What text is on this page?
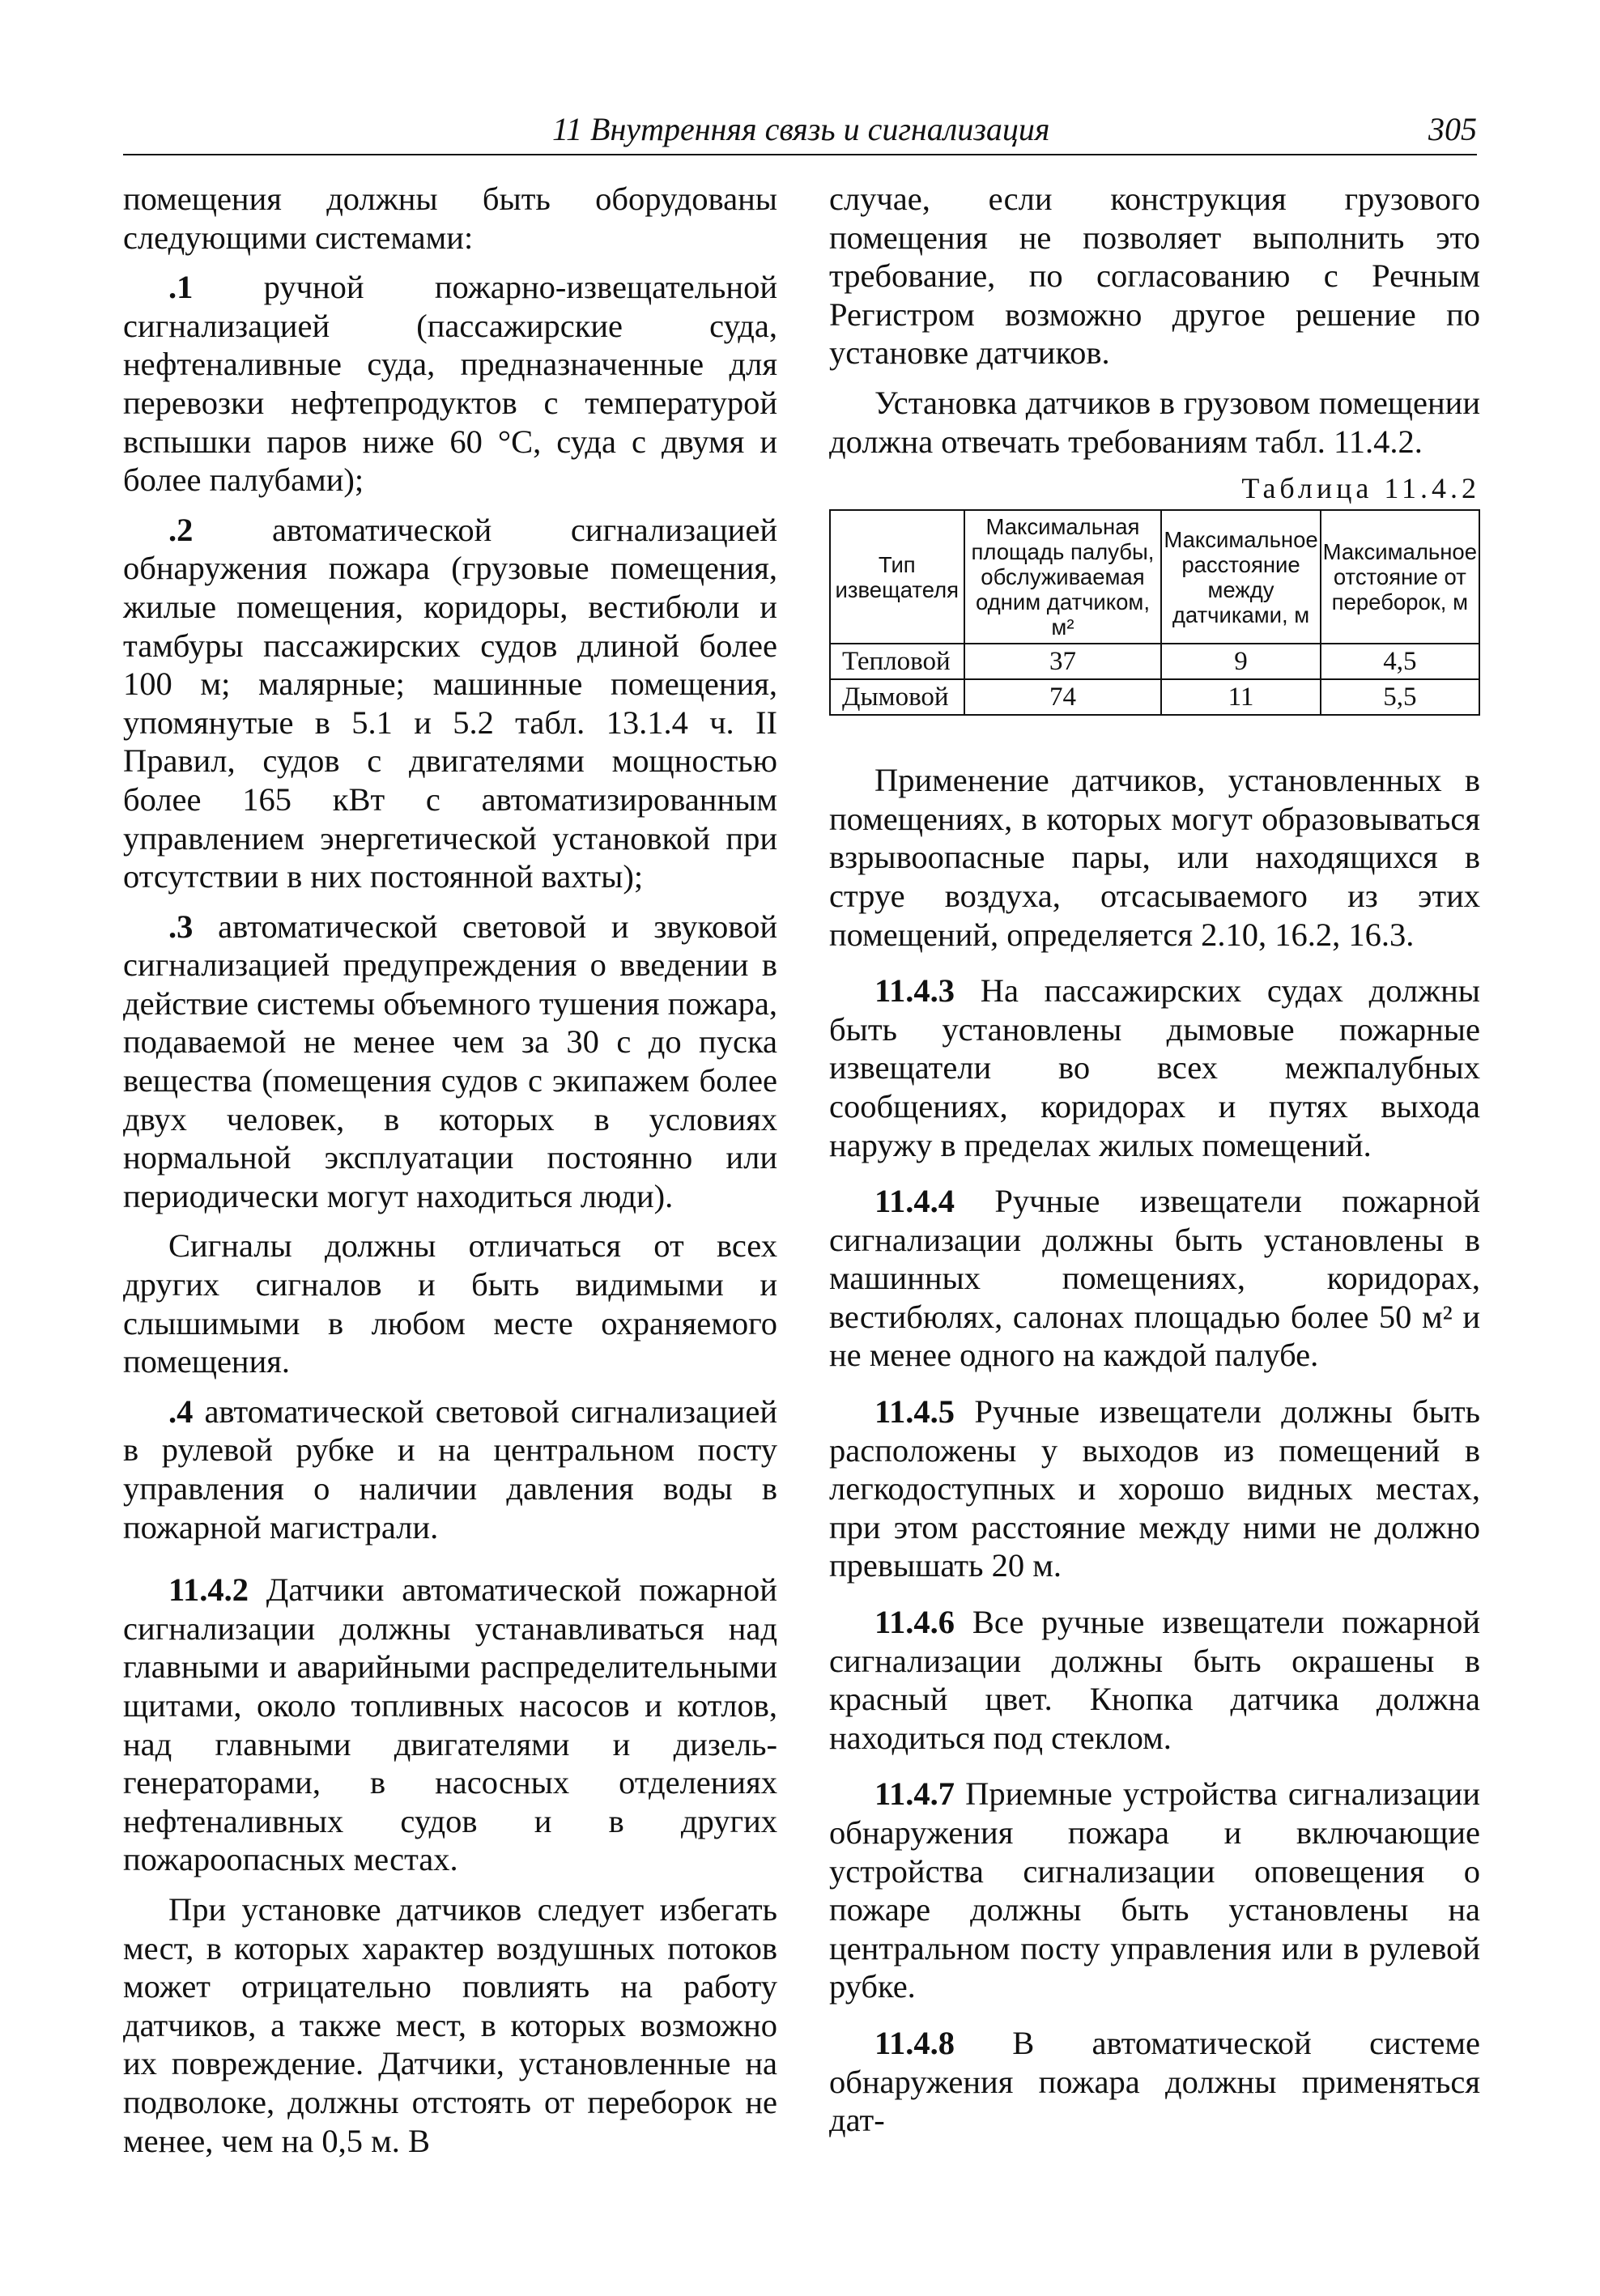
11 Внутренняя связь и сигнализация	305

помещения должны быть оборудованы следующими системами:

.1 ручной пожарно-извещательной сигнализацией (пассажирские суда, нефтеналивные суда, предназначенные для перевозки нефтепродуктов с температурой вспышки паров ниже 60 °С, суда с двумя и более палубами);

.2 автоматической сигнализацией обнаружения пожара (грузовые помещения, жилые помещения, коридоры, вестибюли и тамбуры пассажирских судов длиной более 100 м; малярные; машинные помещения, упомянутые в 5.1 и 5.2 табл. 13.1.4 ч. II Правил, судов с двигателями мощностью более 165 кВт с автоматизированным управлением энергетической установкой при отсутствии в них постоянной вахты);

.3 автоматической световой и звуковой сигнализацией предупреждения о введении в действие системы объемного тушения пожара, подаваемой не менее чем за 30 с до пуска вещества (помещения судов с экипажем более двух человек, в которых в условиях нормальной эксплуатации постоянно или периодически могут находиться люди).

Сигналы должны отличаться от всех других сигналов и быть видимыми и слышимыми в любом месте охраняемого помещения.

.4 автоматической световой сигнализацией в рулевой рубке и на центральном посту управления о наличии давления воды в пожарной магистрали.

11.4.2 Датчики автоматической пожарной сигнализации должны устанавливаться над главными и аварийными распределительными щитами, около топливных насосов и котлов, над главными двигателями и дизель-генераторами, в насосных отделениях нефтеналивных судов и в других пожароопасных местах.

При установке датчиков следует избегать мест, в которых характер воздушных потоков может отрицательно повлиять на работу датчиков, а также мест, в которых возможно их повреждение. Датчики, установленные на подволоке, должны отстоять от переборок не менее, чем на 0,5 м. В

случае, если конструкция грузового помещения не позволяет выполнить это требование, по согласованию с Речным Регистром возможно другое решение по установке датчиков.

Установка датчиков в грузовом помещении должна отвечать требованиям табл. 11.4.2.

Таблица 11.4.2
Тип извещателя	Максимальная площадь палубы, обслуживаемая одним датчиком, м²	Максимальное расстояние между датчиками, м	Максимальное отстояние от переборок, м
Тепловой	37	9	4,5
Дымовой	74	11	5,5

Применение датчиков, установленных в помещениях, в которых могут образовываться взрывоопасные пары, или находящихся в струе воздуха, отсасываемого из этих помещений, определяется 2.10, 16.2, 16.3.

11.4.3 На пассажирских судах должны быть установлены дымовые пожарные извещатели во всех межпалубных сообщениях, коридорах и путях выхода наружу в пределах жилых помещений.

11.4.4 Ручные извещатели пожарной сигнализации должны быть установлены в машинных помещениях, коридорах, вестибюлях, салонах площадью более 50 м² и не менее одного на каждой палубе.

11.4.5 Ручные извещатели должны быть расположены у выходов из помещений в легкодоступных и хорошо видных местах, при этом расстояние между ними не должно превышать 20 м.

11.4.6 Все ручные извещатели пожарной сигнализации должны быть окрашены в красный цвет. Кнопка датчика должна находиться под стеклом.

11.4.7 Приемные устройства сигнализации обнаружения пожара и включающие устройства сигнализации оповещения о пожаре должны быть установлены на центральном посту управления или в рулевой рубке.

11.4.8 В автоматической системе обнаружения пожара должны применяться дат-
